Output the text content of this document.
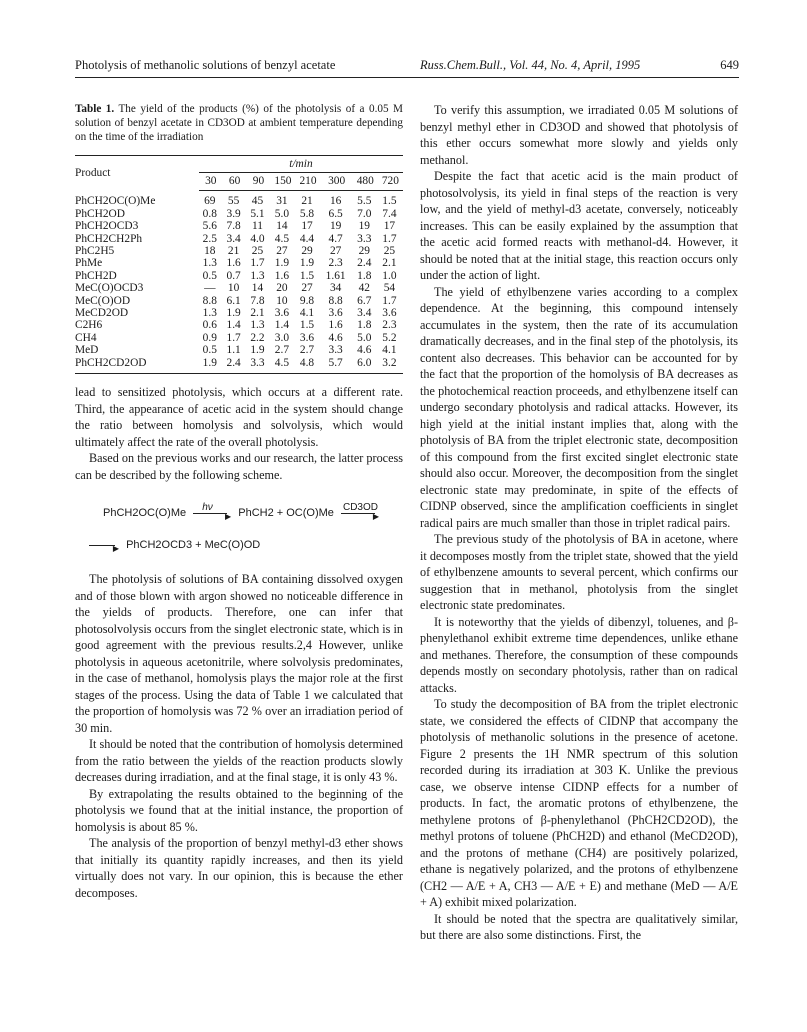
Photolysis of methanolic solutions of benzyl acetate	Russ.Chem.Bull., Vol. 44, No. 4, April, 1995	649
Table 1. The yield of the products (%) of the photolysis of a 0.05 M solution of benzyl acetate in CD3OD at ambient temperature depending on the time of the irradiation
Product	t/min							
	30	60	90	150	210	300	480	720
PhCH2OC(O)Me	69	55	45	31	21	16	5.5	1.5
PhCH2OD	0.8	3.9	5.1	5.0	5.8	6.5	7.0	7.4
PhCH2OCD3	5.6	7.8	11	14	17	19	19	17
PhCH2CH2Ph	2.5	3.4	4.0	4.5	4.4	4.7	3.3	1.7
PhC2H5	18	21	25	27	29	27	29	25
PhMe	1.3	1.6	1.7	1.9	1.9	2.3	2.4	2.1
PhCH2D	0.5	0.7	1.3	1.6	1.5	1.61	1.8	1.0
MeC(O)OCD3	—	10	14	20	27	34	42	54
MeC(O)OD	8.8	6.1	7.8	10	9.8	8.8	6.7	1.7
MeCD2OD	1.3	1.9	2.1	3.6	4.1	3.6	3.4	3.6
C2H6	0.6	1.4	1.3	1.4	1.5	1.6	1.8	2.3
CH4	0.9	1.7	2.2	3.0	3.6	4.6	5.0	5.2
MeD	0.5	1.1	1.9	2.7	2.7	3.3	4.6	4.1
PhCH2CD2OD	1.9	2.4	3.3	4.5	4.8	5.7	6.0	3.2

lead to sensitized photolysis, which occurs at a different rate. Third, the appearance of acetic acid in the system should change the ratio between homolysis and solvolysis, which would ultimately affect the rate of the overall photolysis.

Based on the previous works and our research, the latter process can be described by the following scheme.

PhCH2OC(O)Me hν
▶ PhCH2 + OC(O)Me CD3OD
▶
▶ PhCH2OCD3 + MeC(O)OD

The photolysis of solutions of BA containing dissolved oxygen and of those blown with argon showed no noticeable difference in the yields of products. Therefore, one can infer that photosolvolysis occurs from the singlet electronic state, which is in good agreement with the previous results.2,4 However, unlike photolysis in aqueous acetonitrile, where solvolysis predominates, in the case of methanol, homolysis plays the major role at the first stages of the process. Using the data of Table 1 we calculated that the proportion of homolysis was 72 % over an irradiation period of 30 min.

It should be noted that the contribution of homolysis determined from the ratio between the yields of the reaction products slowly decreases during irradiation, and at the final stage, it is only 43 %.

By extrapolating the results obtained to the beginning of the photolysis we found that at the initial instance, the proportion of homolysis is about 85 %.

The analysis of the proportion of benzyl methyl-d3 ether shows that initially its quantity rapidly increases, and then its yield virtually does not vary. In our opinion, this is because the ether decomposes.

To verify this assumption, we irradiated 0.05 M solutions of benzyl methyl ether in CD3OD and showed that photolysis of this ether occurs somewhat more slowly and yields only methanol.

Despite the fact that acetic acid is the main product of photosolvolysis, its yield in final steps of the reaction is very low, and the yield of methyl-d3 acetate, conversely, noticeably increases. This can be easily explained by the assumption that the acetic acid formed reacts with methanol-d4. However, it should be noted that at the initial stage, this reaction occurs only under the action of light.

The yield of ethylbenzene varies according to a complex dependence. At the beginning, this compound intensely accumulates in the system, then the rate of its accumulation dramatically decreases, and in the final step of the photolysis, its content also decreases. This behavior can be accounted for by the fact that the proportion of the homolysis of BA decreases as the photochemical reaction proceeds, and ethylbenzene itself can undergo secondary photolysis and radical attacks. However, its high yield at the initial instant implies that, along with the photolysis of BA from the triplet electronic state, decomposition of this compound from the first excited singlet electronic state should also occur. Moreover, the decomposition from the singlet electronic state may predominate, in spite of the effects of CIDNP observed, since the amplification coefficients in singlet radical pairs are much smaller than those in triplet radical pairs.

The previous study of the photolysis of BA in acetone, where it decomposes mostly from the triplet state, showed that the yield of ethylbenzene amounts to several percent, which confirms our suggestion that in methanol, photolysis from the singlet electronic state predominates.

It is noteworthy that the yields of dibenzyl, toluenes, and β-phenylethanol exhibit extreme time dependences, unlike ethane and methanes. Therefore, the consumption of these compounds depends mostly on secondary photolysis, rather than on radical attacks.

To study the decomposition of BA from the triplet electronic state, we considered the effects of CIDNP that accompany the photolysis of methanolic solutions in the presence of acetone. Figure 2 presents the 1H NMR spectrum of this solution recorded during its irradiation at 303 K. Unlike the previous case, we observe intense CIDNP effects for a number of products. In fact, the aromatic protons of ethylbenzene, the methylene protons of β-phenylethanol (PhCH2CD2OD), the methyl protons of toluene (PhCH2D) and ethanol (MeCD2OD), and the protons of methane (CH4) are positively polarized, ethane is negatively polarized, and the protons of ethylbenzene (CH2 — A/E + A, CH3 — A/E + E) and methane (MeD — A/E + A) exhibit mixed polarization.

It should be noted that the spectra are qualitatively similar, but there are also some distinctions. First, the
